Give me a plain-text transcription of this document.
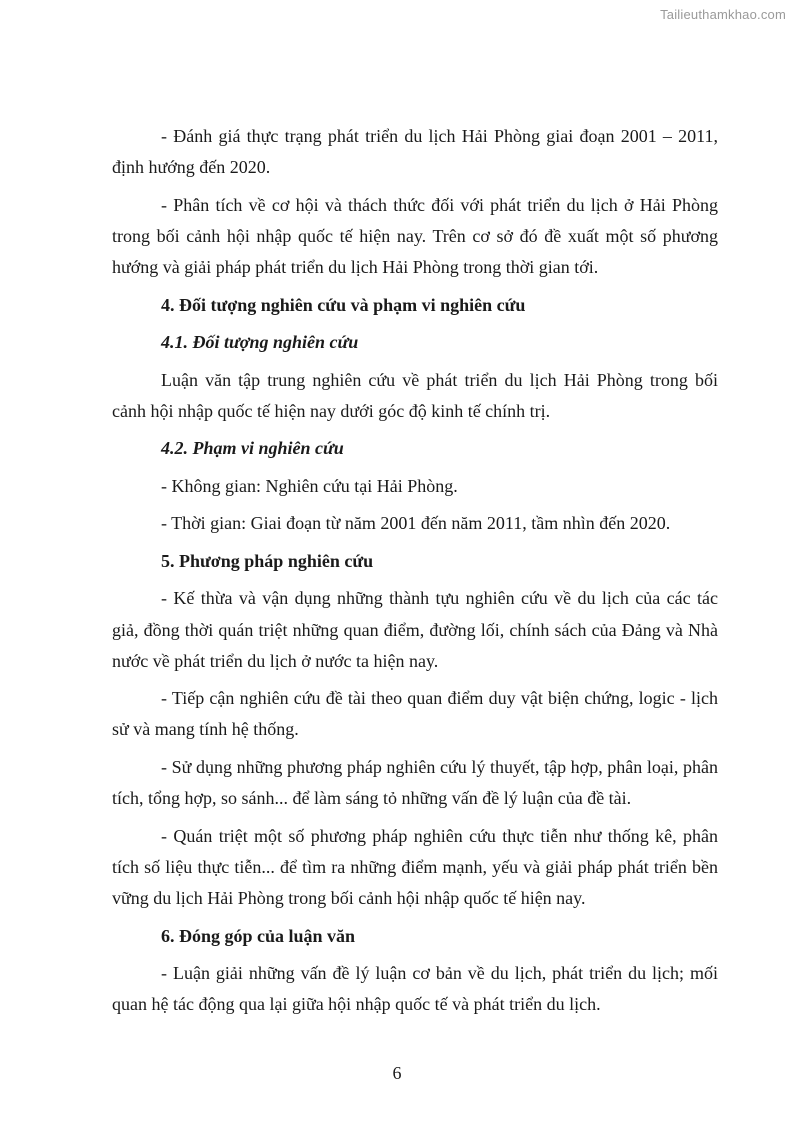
Tailieuthamkhao.com

- Đánh giá thực trạng phát triển du lịch Hải Phòng giai đoạn 2001 – 2011, định hướng đến 2020.

- Phân tích về cơ hội và thách thức đối với phát triển du lịch ở Hải Phòng trong bối cảnh hội nhập quốc tế hiện nay. Trên cơ sở đó đề xuất một số phương hướng và giải pháp phát triển du lịch Hải Phòng trong thời gian tới.

4. Đối tượng nghiên cứu và phạm vi nghiên cứu

4.1. Đối tượng nghiên cứu

Luận văn tập trung nghiên cứu về phát triển du lịch Hải Phòng trong bối cảnh hội nhập quốc tế hiện nay dưới góc độ kinh tế chính trị.

4.2. Phạm vi nghiên cứu

- Không gian: Nghiên cứu tại Hải Phòng.

- Thời gian: Giai đoạn từ năm 2001 đến năm 2011, tầm nhìn đến 2020.

5. Phương pháp nghiên cứu

- Kế thừa và vận dụng những thành tựu nghiên cứu về du lịch của các tác giả, đồng thời quán triệt những quan điểm, đường lối, chính sách của Đảng và Nhà nước về phát triển du lịch ở nước ta hiện nay.

- Tiếp cận nghiên cứu đề tài theo quan điểm duy vật biện chứng, logic - lịch sử và mang tính hệ thống.

- Sử dụng những phương pháp nghiên cứu lý thuyết, tập hợp, phân loại, phân tích, tổng hợp, so sánh... để làm sáng tỏ những vấn đề lý luận của đề tài.

- Quán triệt một số phương pháp nghiên cứu thực tiễn như thống kê, phân tích số liệu thực tiễn... để tìm ra những điểm mạnh, yếu và giải pháp phát triển bền vững du lịch Hải Phòng trong bối cảnh hội nhập quốc tế hiện nay.

6. Đóng góp của luận văn

- Luận giải những vấn đề lý luận cơ bản về du lịch, phát triển du lịch; mối quan hệ tác động qua lại giữa hội nhập quốc tế và phát triển du lịch.

6
